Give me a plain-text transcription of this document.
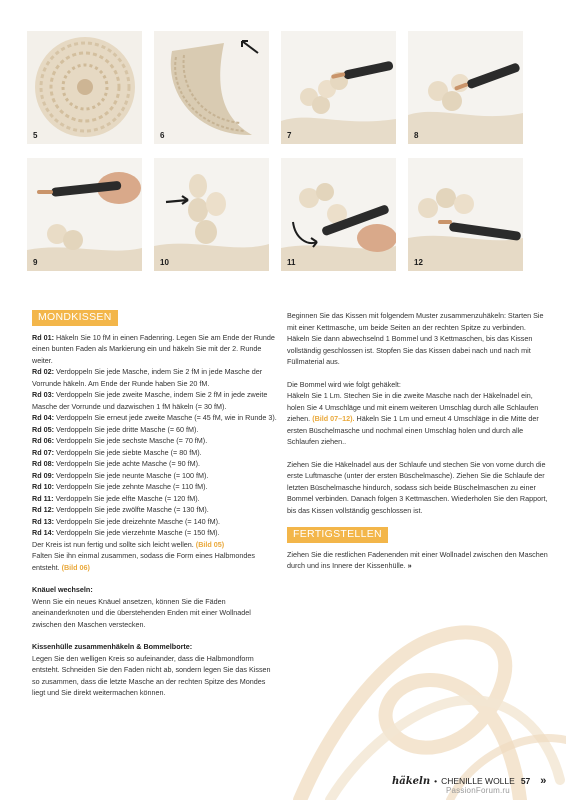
5	6	7	8
9	10	11	12
MONDKISSEN

Rd 01: Häkeln Sie 10 fM in einen Fadenring. Legen Sie am Ende der Runde einen bunten Faden als Markierung ein und häkeln Sie mit der 2. Runde weiter.

Rd 02: Verdoppeln Sie jede Masche, indem Sie 2 fM in jede Masche der Vorrunde häkeln. Am Ende der Runde haben Sie 20 fM.

Rd 03: Verdoppeln Sie jede zweite Masche, indem Sie 2 fM in jede zweite Masche der Vorrunde und dazwischen 1 fM häkeln (= 30 fM).

Rd 04: Verdoppeln Sie erneut jede zweite Masche (= 45 fM, wie in Runde 3).

Rd 05: Verdoppeln Sie jede dritte Masche (= 60 fM).

Rd 06: Verdoppeln Sie jede sechste Masche (= 70 fM).

Rd 07: Verdoppeln Sie jede siebte Masche (= 80 fM).

Rd 08: Verdoppeln Sie jede achte Masche (= 90 fM).

Rd 09: Verdoppeln Sie jede neunte Masche (= 100 fM).

Rd 10: Verdoppeln Sie jede zehnte Masche (= 110 fM).

Rd 11: Verdoppeln Sie jede elfte Masche (= 120 fM).

Rd 12: Verdoppeln Sie jede zwölfte Masche (= 130 fM).

Rd 13: Verdoppeln Sie jede dreizehnte Masche (= 140 fM).

Rd 14: Verdoppeln Sie jede vierzehnte Masche (= 150 fM).

Der Kreis ist nun fertig und sollte sich leicht wellen. (Bild 05)

Falten Sie ihn einmal zusammen, sodass die Form eines Halbmondes entsteht. (Bild 06)

Knäuel wechseln:

Wenn Sie ein neues Knäuel ansetzen, können Sie die Fäden aneinanderknoten und die überstehenden Enden mit einer Wollnadel zwischen den Maschen verstecken.

Kissenhülle zusammenhäkeln & Bommelborte:

Legen Sie den welligen Kreis so aufeinander, dass die Halbmondform entsteht. Schneiden Sie den Faden nicht ab, sondern legen Sie das Kissen so zusammen, dass die letzte Masche an der rechten Spitze des Mondes liegt und Sie direkt weitermachen können.

Beginnen Sie das Kissen mit folgendem Muster zusammenzuhäkeln: Starten Sie mit einer Kettmasche, um beide Seiten an der rechten Spitze zu verbinden. Häkeln Sie dann abwechselnd 1 Bommel und 3 Kettmaschen, bis das Kissen vollständig geschlossen ist. Stopfen Sie das Kissen dabei nach und nach mit Füllmaterial aus.

Die Bommel wird wie folgt gehäkelt:

Häkeln Sie 1 Lm. Stechen Sie in die zweite Masche nach der Häkelnadel ein, holen Sie 4 Umschläge und mit einem weiteren Umschlag durch alle Schlaufen ziehen. (Bild 07–12). Häkeln Sie 1 Lm und erneut 4 Umschläge in die Mitte der ersten Büschelmasche und nochmal einen Umschlag holen und durch alle Schlaufen ziehen..

Ziehen Sie die Häkelnadel aus der Schlaufe und stechen Sie von vorne durch die erste Luftmasche (unter der ersten Büschelmasche). Ziehen Sie die Schlaufe der letzten Büschelmasche hindurch, sodass sich beide Büschelmaschen zu einer Bommel verbinden. Danach folgen 3 Kettmaschen. Wiederholen Sie den Rapport, bis das Kissen vollständig geschlossen ist.

FERTIGSTELLEN

Ziehen Sie die restlichen Fadenenden mit einer Wollnadel zwischen den Maschen durch und ins Innere der Kissenhülle. »

häkeln • CHENILLE WOLLE 57 »
PassionForum.ru
